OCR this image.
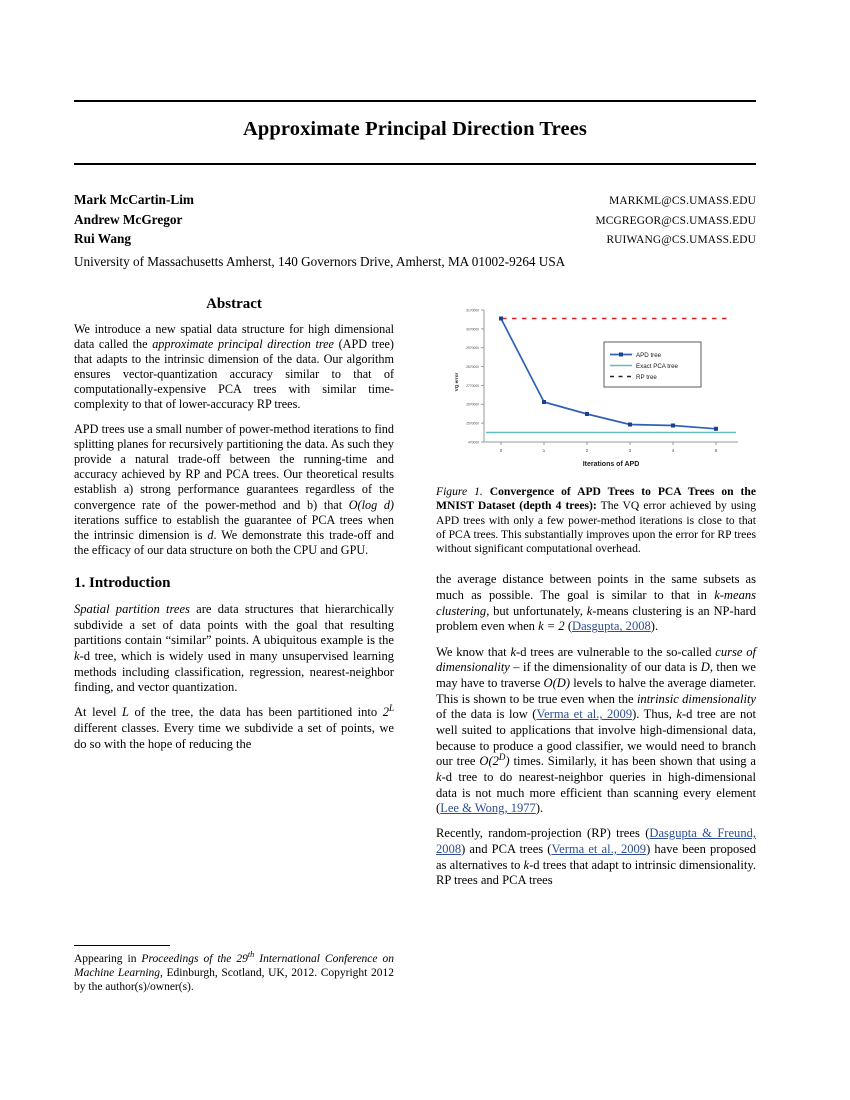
Approximate Principal Direction Trees
Mark McCartin-Lim	MARKML@CS.UMASS.EDU
Andrew McGregor	MCGREGOR@CS.UMASS.EDU
Rui Wang	RUIWANG@CS.UMASS.EDU
University of Massachusetts Amherst, 140 Governors Drive, Amherst, MA 01002-9264 USA
Abstract

We introduce a new spatial data structure for high dimensional data called the approximate principal direction tree (APD tree) that adapts to the intrinsic dimension of the data. Our algorithm ensures vector-quantization accuracy similar to that of computationally-expensive PCA trees with similar time-complexity to that of lower-accuracy RP trees.

APD trees use a small number of power-method iterations to find splitting planes for recursively partitioning the data. As such they provide a natural trade-off between the running-time and accuracy achieved by RP and PCA trees. Our theoretical results establish a) strong performance guarantees regardless of the convergence rate of the power-method and b) that O(log d) iterations suffice to establish the guarantee of PCA trees when the intrinsic dimension is d. We demonstrate this trade-off and the efficacy of our data structure on both the CPU and GPU.

1. Introduction

Spatial partition trees are data structures that hierarchically subdivide a set of data points with the goal that resulting partitions contain “similar” points. A ubiquitous example is the k-d tree, which is widely used in many unsupervised learning methods including classification, regression, nearest-neighbor finding, and vector quantization.

At level L of the tree, the data has been partitioned into $2^L$ different classes. Every time we subdivide a set of points, we do so with the hope of reducing the

Appearing in Proceedings of the 29th International Conference on Machine Learning, Edinburgh, Scotland, UK, 2012. Copyright 2012 by the author(s)/owner(s).

3170000
3070000
2970000
2870000
2770000
2670000
2570000
470000
VQ error
0	1	2	3	4	5
Iterations of APD
APD tree
Exact PCA tree
RP tree

Figure 1. Convergence of APD Trees to PCA Trees on the MNIST Dataset (depth 4 trees): The VQ error achieved by using APD trees with only a few power-method iterations is close to that of PCA trees. This substantially improves upon the error for RP trees without significant computational overhead.

the average distance between points in the same subsets as much as possible. The goal is similar to that in k-means clustering, but unfortunately, k-means clustering is an NP-hard problem even when k = 2 (Dasgupta, 2008).

We know that k-d trees are vulnerable to the so-called curse of dimensionality – if the dimensionality of our data is D, then we may have to traverse O(D) levels to halve the average diameter. This is shown to be true even when the intrinsic dimensionality of the data is low (Verma et al., 2009). Thus, k-d tree are not well suited to applications that involve high-dimensional data, because to produce a good classifier, we would need to branch our tree $O(2^D)$ times. Similarly, it has been shown that using a k-d tree to do nearest-neighbor queries in high-dimensional data is not much more efficient than scanning every element (Lee & Wong, 1977).

Recently, random-projection (RP) trees (Dasgupta & Freund, 2008) and PCA trees (Verma et al., 2009) have been proposed as alternatives to k-d trees that adapt to intrinsic dimensionality. RP trees and PCA trees
